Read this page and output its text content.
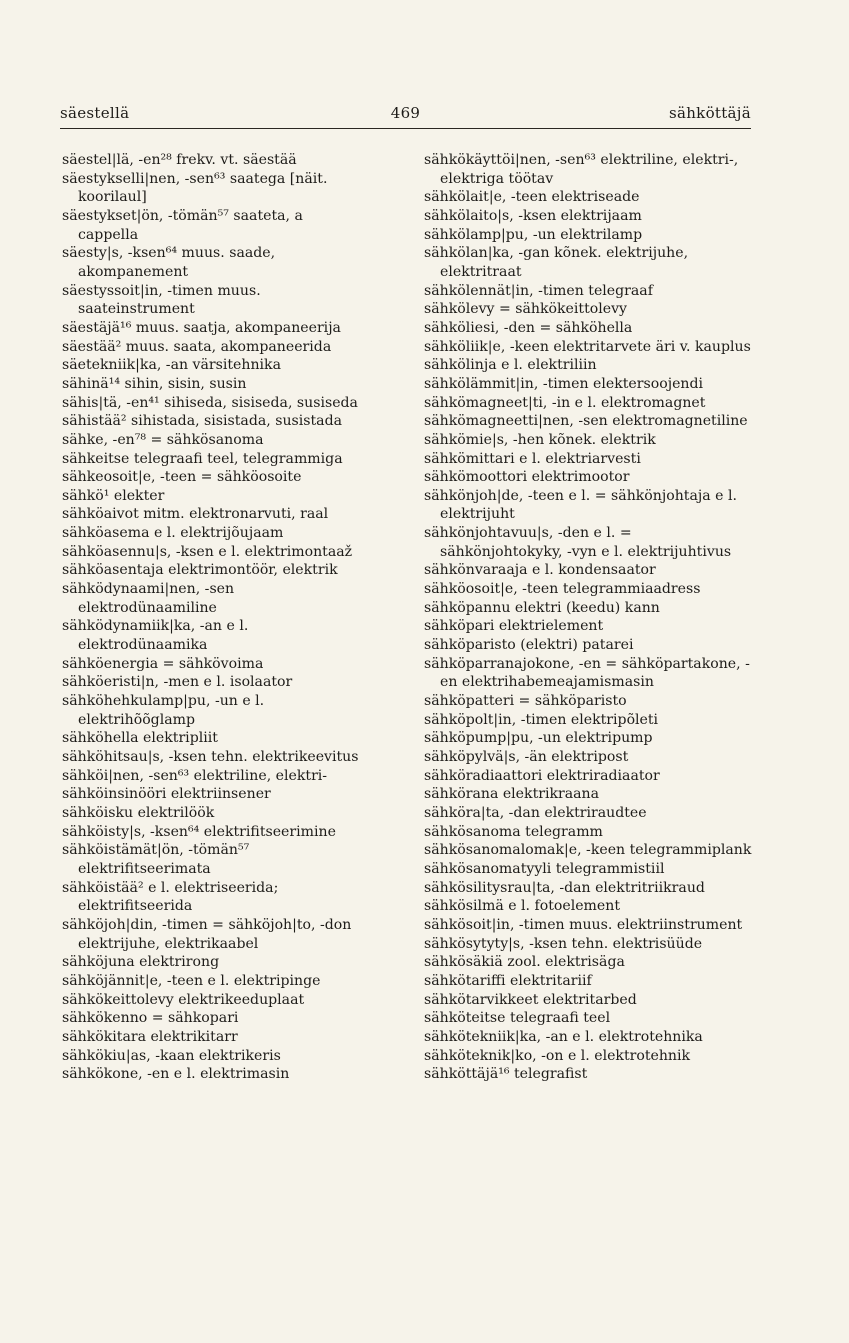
säestellä	469	sähköttäjä

säestel|lä, -en²⁸ frekv. vt. säestää

säestykselli|nen, -sen⁶³ saatega [näit. koorilaul]

säestykset|ön, -tömän⁵⁷ saateta, a cappella

säesty|s, -ksen⁶⁴ muus. saade, akompanement

säestyssoit|in, -timen muus. saateinstrument

säestäjä¹⁶ muus. saatja, akompaneerija

säestää² muus. saata, akompaneerida

säetekniik|ka, -an värsitehnika

sähinä¹⁴ sihin, sisin, susin

sähis|tä, -en⁴¹ sihiseda, sisiseda, susiseda

sähistää² sihistada, sisistada, susistada

sähke, -en⁷⁸ = sähkösanoma

sähkeitse telegraafi teel, telegrammiga

sähkeosoit|e, -teen = sähköosoite

sähkö¹ elekter

sähköaivot mitm. elektronarvuti, raal

sähköasema e l. elektrijõujaam

sähköasennu|s, -ksen e l. elektrimontaaž

sähköasentaja elektrimontöör, elektrik

sähködynaami|nen, -sen elektrodünaamiline

sähködynamiik|ka, -an e l. elektrodünaamika

sähköenergia = sähkövoima

sähköeristi|n, -men e l. isolaator

sähköhehkulamp|pu, -un e l. elektrihõõglamp

sähköhella elektripliit

sähköhitsau|s, -ksen tehn. elektrikeevitus

sähköi|nen, -sen⁶³ elektriline, elektri-

sähköinsinööri elektriinsener

sähköisku elektrilöök

sähköisty|s, -ksen⁶⁴ elektrifitseerimine

sähköistämät|ön, -tömän⁵⁷ elektrifitseerimata

sähköistää² e l. elektriseerida; elektrifitseerida

sähköjoh|din, -timen = sähköjoh|to, -don elektrijuhe, elektrikaabel

sähköjuna elektrirong

sähköjännit|e, -teen e l. elektripinge

sähkökeittolevy elektrikeeduplaat

sähkökenno = sähkopari

sähkökitara elektrikitarr

sähkökiu|as, -kaan elektrikeris

sähkökone, -en e l. elektrimasin

sähkökäyttöi|nen, -sen⁶³ elektriline, elektri-, elektriga töötav

sähkölait|e, -teen elektriseade

sähkölaito|s, -ksen elektrijaam

sähkölamp|pu, -un elektrilamp

sähkölan|ka, -gan kõnek. elektrijuhe, elektritraat

sähkölennät|in, -timen telegraaf

sähkölevy = sähkökeittolevy

sähköliesi, -den = sähköhella

sähköliik|e, -keen elektritarvete äri v. kauplus

sähkölinja e l. elektriliin

sähkölämmit|in, -timen elektersoojendi

sähkömagneet|ti, -in e l. elektromagnet

sähkömagneetti|nen, -sen elektromagnetiline

sähkömie|s, -hen kõnek. elektrik

sähkömittari e l. elektriarvesti

sähkömoottori elektrimootor

sähkönjoh|de, -teen e l. = sähkönjohtaja e l. elektrijuht

sähkönjohtavuu|s, -den e l. = sähkönjohtokyky, -vyn e l. elektrijuhtivus

sähkönvaraaja e l. kondensaator

sähköosoit|e, -teen telegrammiaadress

sähköpannu elektri (keedu) kann

sähköpari elektrielement

sähköparisto (elektri) patarei

sähköparranajokone, -en = sähköpartakone, -en elektrihabemeajamismasin

sähköpatteri = sähköparisto

sähköpolt|in, -timen elektripõleti

sähköpump|pu, -un elektripump

sähköpylvä|s, -än elektripost

sähköradiaattori elektriradiaator

sähkörana elektrikraana

sähköra|ta, -dan elektriraudtee

sähkösanoma telegramm

sähkösanomalomak|e, -keen telegrammiplank

sähkösanomatyyli telegrammistiil

sähkösilitysrau|ta, -dan elektritriikraud

sähkösilmä e l. fotoelement

sähkösoit|in, -timen muus. elektriinstrument

sähkösytyty|s, -ksen tehn. elektrisüüde

sähkösäkiä zool. elektrisäga

sähkötariffi elektritariif

sähkötarvikkeet elektritarbed

sähkötеitse telegraafi teel

sähkötekniik|ka, -an e l. elektrotehnika

sähköteknik|ko, -on e l. elektrotehnik

sähköttäjä¹⁶ telegrafist
